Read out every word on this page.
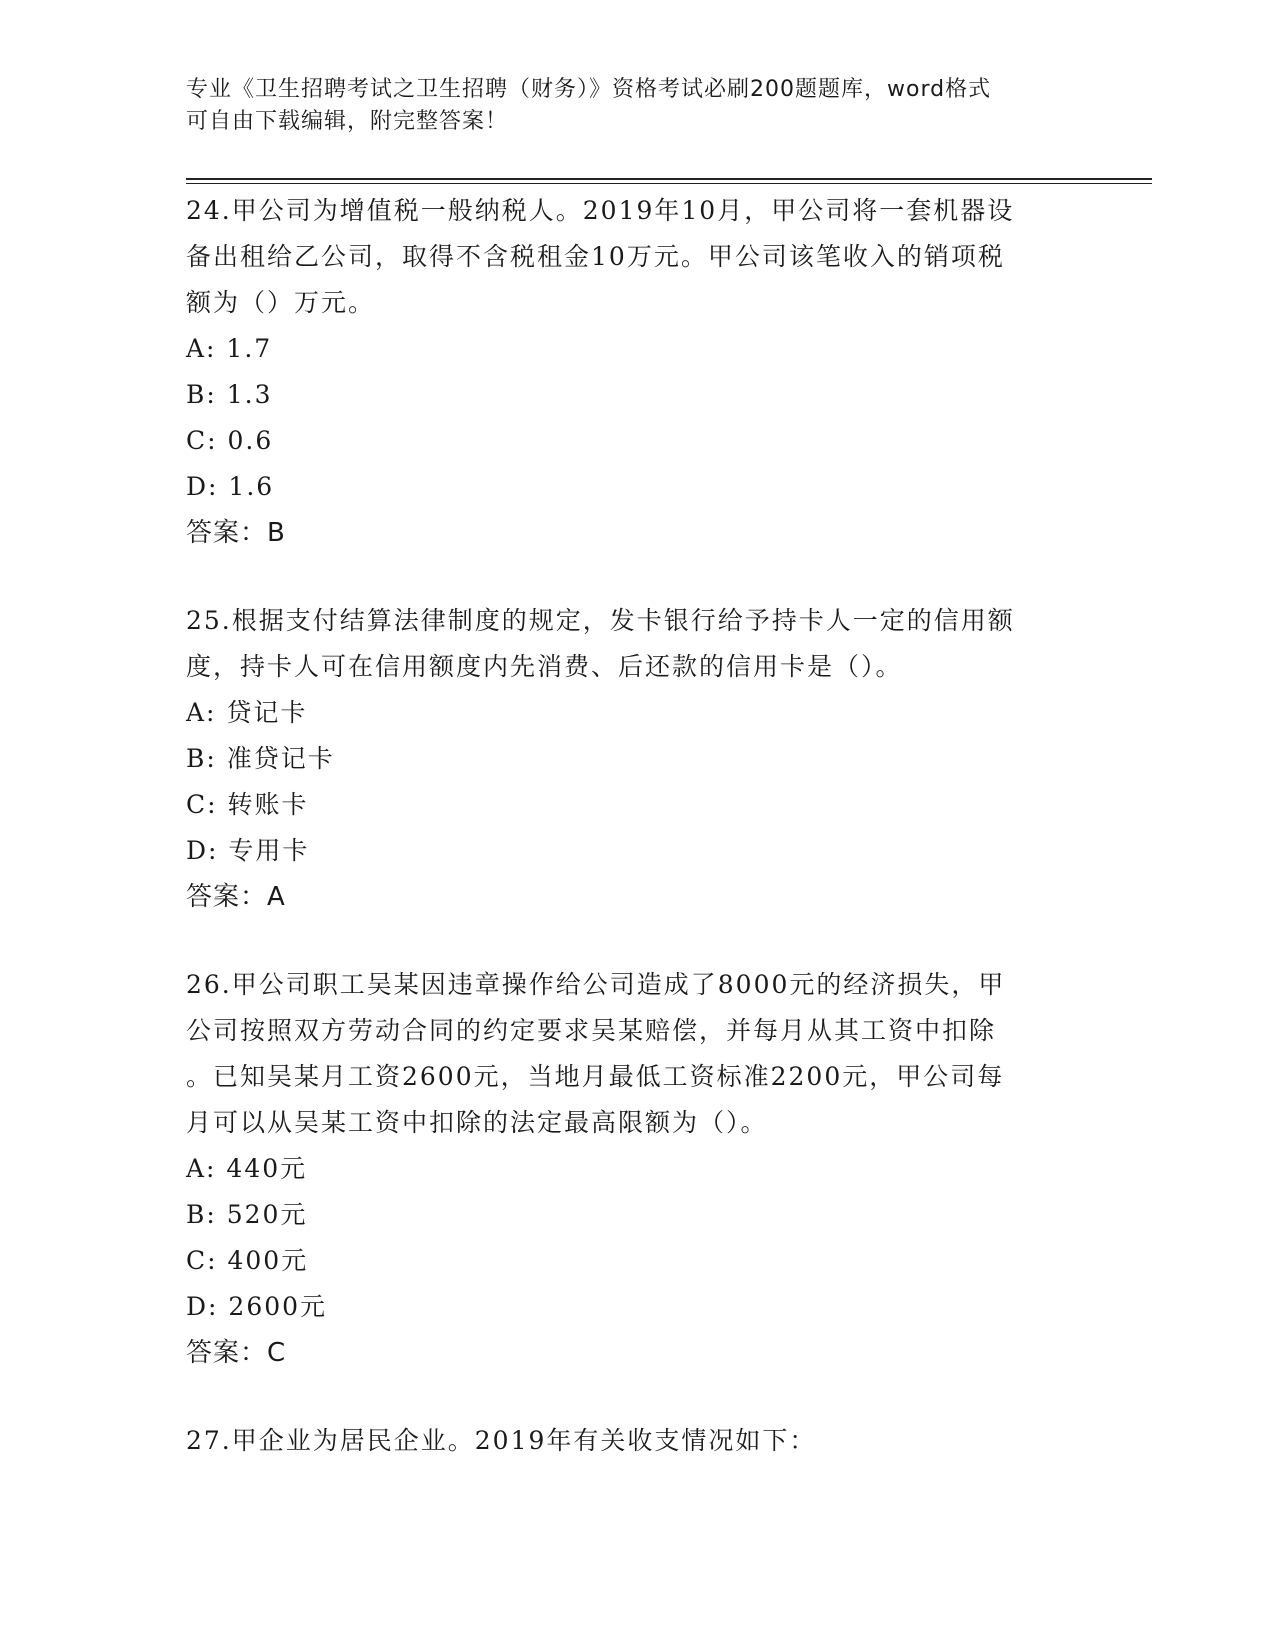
专业《卫生招聘考试之卫生招聘（财务）》资格考试必刷200题题库，word格式
可自由下载编辑，附完整答案！
24.甲公司为增值税一般纳税人。2019年10月，甲公司将一套机器设
备出租给乙公司，取得不含税租金10万元。甲公司该笔收入的销项税
额为（）万元。
A: 1.7
B: 1.3
C: 0.6
D: 1.6
答案：B
25.根据支付结算法律制度的规定，发卡银行给予持卡人一定的信用额
度，持卡人可在信用额度内先消费、后还款的信用卡是（）。
A: 贷记卡
B: 准贷记卡
C: 转账卡
D: 专用卡
答案：A
26.甲公司职工吴某因违章操作给公司造成了8000元的经济损失，甲
公司按照双方劳动合同的约定要求吴某赔偿，并每月从其工资中扣除
。已知吴某月工资2600元，当地月最低工资标准2200元，甲公司每
月可以从吴某工资中扣除的法定最高限额为（）。
A: 440元
B: 520元
C: 400元
D: 2600元
答案：C
27.甲企业为居民企业。2019年有关收支情况如下：
